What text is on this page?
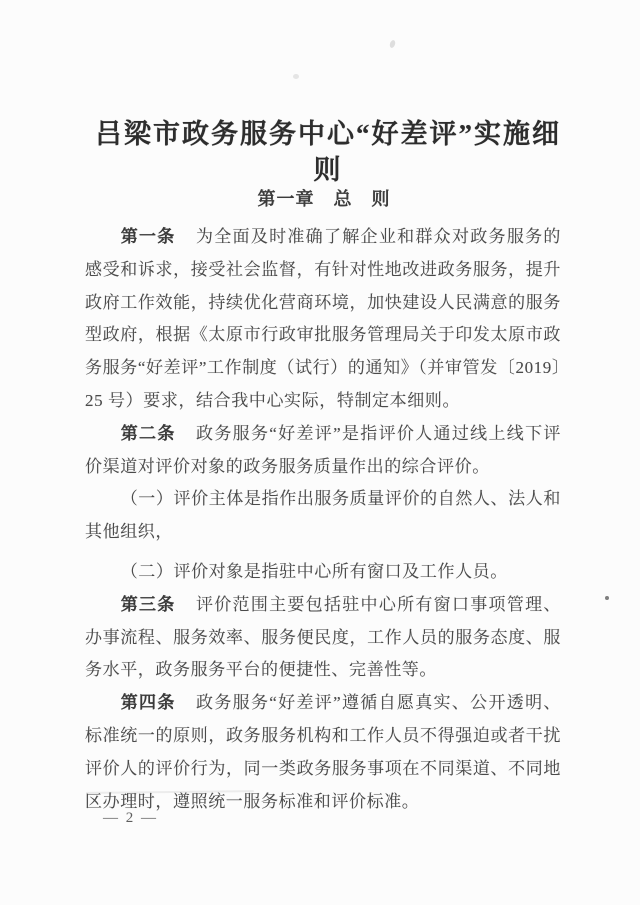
吕梁市政务服务中心“好差评”实施细则
第一章　总　则

第一条 为全面及时准确了解企业和群众对政务服务的感受和诉求，接受社会监督，有针对性地改进政务服务，提升政府工作效能，持续优化营商环境，加快建设人民满意的服务型政府，根据《太原市行政审批服务管理局关于印发太原市政务服务“好差评”工作制度（试行）的通知》（并审管发〔2019〕25 号）要求，结合我中心实际，特制定本细则。

第二条 政务服务“好差评”是指评价人通过线上线下评价渠道对评价对象的政务服务质量作出的综合评价。

（一）评价主体是指作出服务质量评价的自然人、法人和其他组织，

（二）评价对象是指驻中心所有窗口及工作人员。

第三条 评价范围主要包括驻中心所有窗口事项管理、办事流程、服务效率、服务便民度，工作人员的服务态度、服务水平，政务服务平台的便捷性、完善性等。

第四条 政务服务“好差评”遵循自愿真实、公开透明、标准统一的原则，政务服务机构和工作人员不得强迫或者干扰评价人的评价行为，同一类政务服务事项在不同渠道、不同地区办理时，遵照统一服务标准和评价标准。

— 2 —
